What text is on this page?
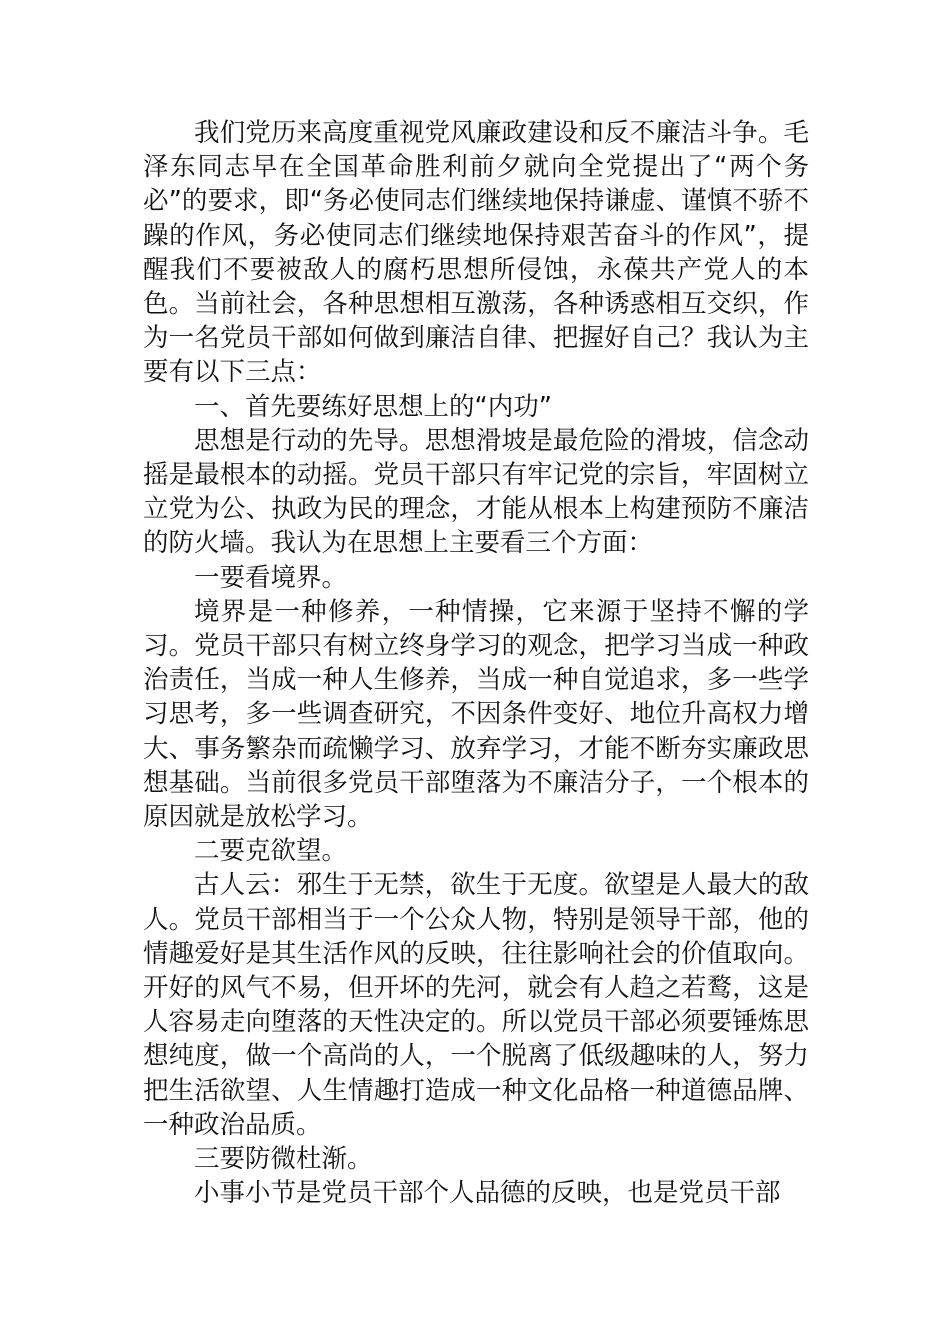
我们党历来高度重视党风廉政建设和反不廉洁斗争。毛泽东同志早在全国革命胜利前夕就向全党提出了“两个务必”的要求，即“务必使同志们继续地保持谦虚、谨慎不骄不躁的作风，务必使同志们继续地保持艰苦奋斗的作风”，提醒我们不要被敌人的腐朽思想所侵蚀，永葆共产党人的本色。当前社会，各种思想相互激荡，各种诱惑相互交织，作为一名党员干部如何做到廉洁自律、把握好自己？我认为主要有以下三点：

一、首先要练好思想上的“内功”

思想是行动的先导。思想滑坡是最危险的滑坡，信念动摇是最根本的动摇。党员干部只有牢记党的宗旨，牢固树立立党为公、执政为民的理念，才能从根本上构建预防不廉洁的防火墙。我认为在思想上主要看三个方面：

一要看境界。

境界是一种修养，一种情操，它来源于坚持不懈的学习。党员干部只有树立终身学习的观念，把学习当成一种政治责任，当成一种人生修养，当成一种自觉追求，多一些学习思考，多一些调查研究，不因条件变好、地位升高权力增大、事务繁杂而疏懒学习、放弃学习，才能不断夯实廉政思想基础。当前很多党员干部堕落为不廉洁分子，一个根本的原因就是放松学习。

二要克欲望。

古人云：邪生于无禁，欲生于无度。欲望是人最大的敌人。党员干部相当于一个公众人物，特别是领导干部，他的情趣爱好是其生活作风的反映，往往影响社会的价值取向。开好的风气不易，但开坏的先河，就会有人趋之若鹜，这是人容易走向堕落的天性决定的。所以党员干部必须要锤炼思想纯度，做一个高尚的人，一个脱离了低级趣味的人，努力把生活欲望、人生情趣打造成一种文化品格一种道德品牌、一种政治品质。

三要防微杜渐。

小事小节是党员干部个人品德的反映，也是党员干部
